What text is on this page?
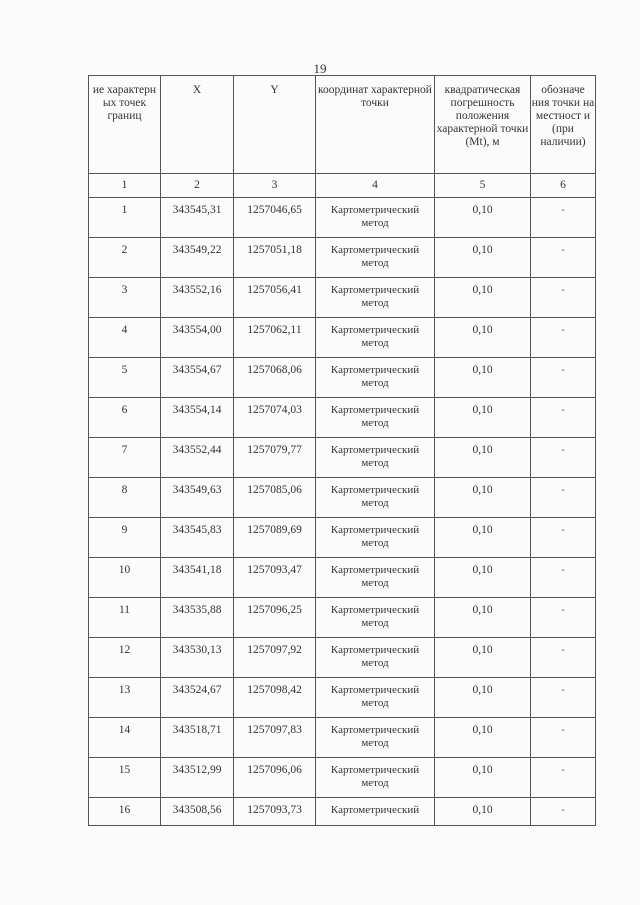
19
ие характерн ых точек границ	X	Y	координат характерной точки	квадратическая погрешность положения характерной точки (Mt), м	обозначе ния точки на местност и (при наличии)
1	2	3	4	5	6
1	343545,31	1257046,65	Картометрический метод	0,10	-
2	343549,22	1257051,18	Картометрический метод	0,10	-
3	343552,16	1257056,41	Картометрический метод	0,10	-
4	343554,00	1257062,11	Картометрический метод	0,10	-
5	343554,67	1257068,06	Картометрический метод	0,10	-
6	343554,14	1257074,03	Картометрический метод	0,10	-
7	343552,44	1257079,77	Картометрический метод	0,10	-
8	343549,63	1257085,06	Картометрический метод	0,10	-
9	343545,83	1257089,69	Картометрический метод	0,10	-
10	343541,18	1257093,47	Картометрический метод	0,10	-
11	343535,88	1257096,25	Картометрический метод	0,10	-
12	343530,13	1257097,92	Картометрический метод	0,10	-
13	343524,67	1257098,42	Картометрический метод	0,10	-
14	343518,71	1257097,83	Картометрический метод	0,10	-
15	343512,99	1257096,06	Картометрический метод	0,10	-
16	343508,56	1257093,73	Картометрический	0,10	-
